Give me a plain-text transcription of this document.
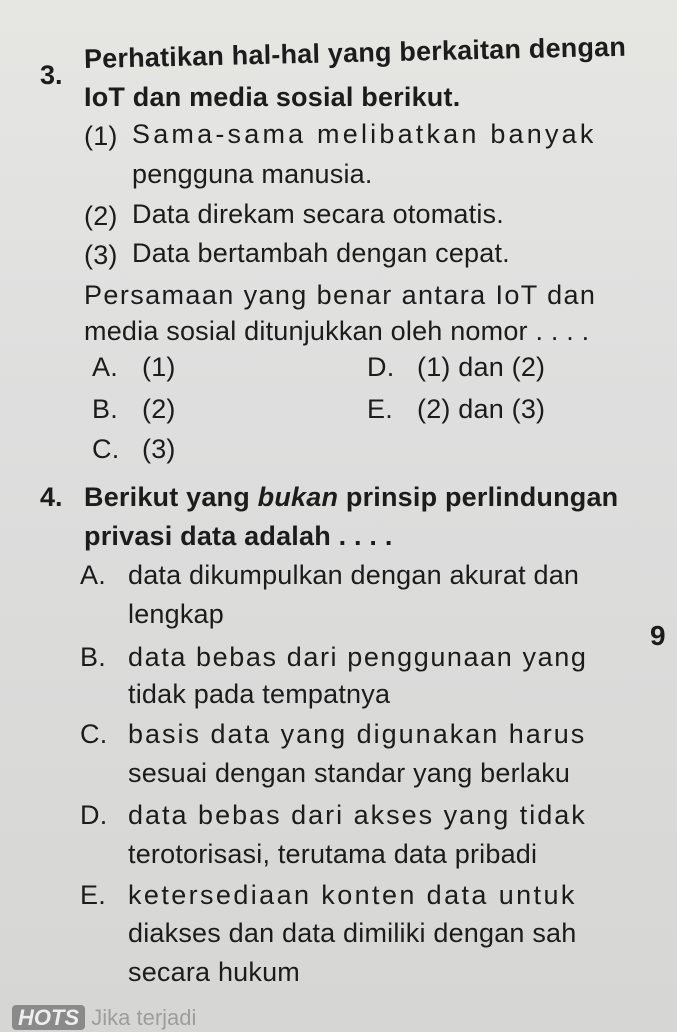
3.
Perhatikan hal-hal yang berkaitan dengan
IoT dan media sosial berikut.
(1) Sama-sama melibatkan banyak
pengguna manusia.
(2) Data direkam secara otomatis.
(3) Data bertambah dengan cepat.
Persamaan yang benar antara IoT dan
media sosial ditunjukkan oleh nomor . . . .
A. (1)
B. (2)
C. (3)
D. (1) dan (2)
E. (2) dan (3)
4. Berikut yang bukan prinsip perlindungan
privasi data adalah . . . .
A. data dikumpulkan dengan akurat dan
lengkap
B. data bebas dari penggunaan yang
tidak pada tempatnya
C. basis data yang digunakan harus
sesuai dengan standar yang berlaku
D. data bebas dari akses yang tidak
terotorisasi, terutama data pribadi
E. ketersediaan konten data untuk
diakses dan data dimiliki dengan sah
secara hukum
9
HOTS Jika terjadi
